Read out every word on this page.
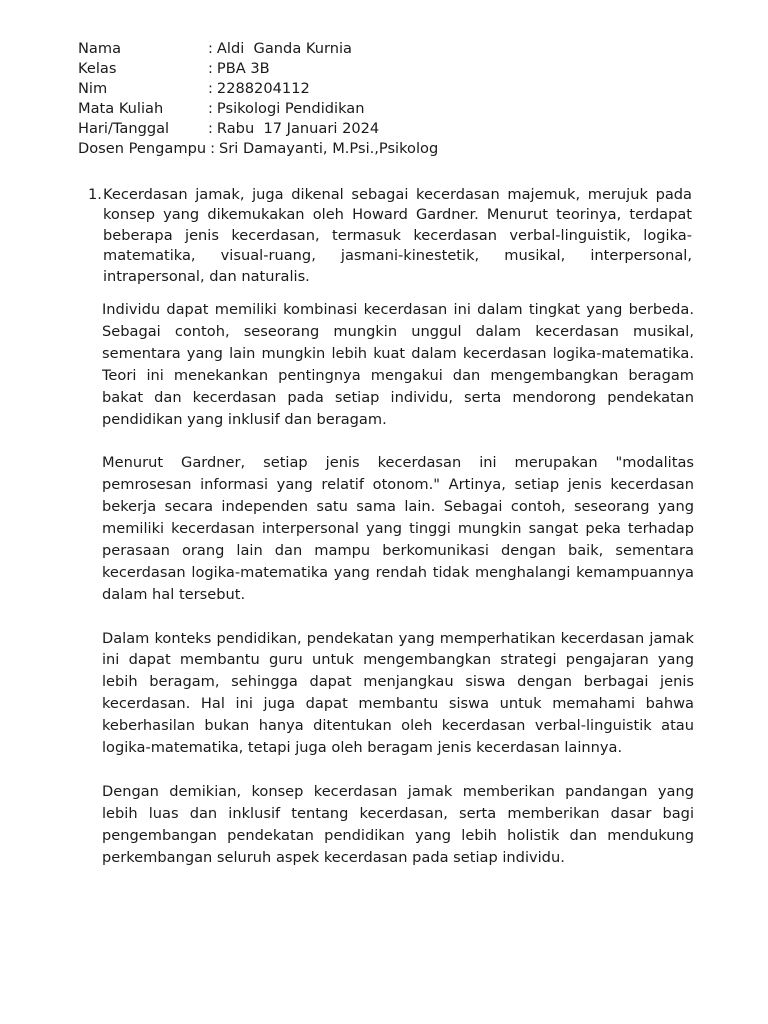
Nama	: Aldi  Ganda Kurnia
Kelas	: PBA 3B
Nim	: 2288204112
Mata Kuliah	: Psikologi Pendidikan
Hari/Tanggal	: Rabu  17 Januari 2024
Dosen Pengampu : Sri Damayanti, M.Psi.,Psikolog
1. Kecerdasan jamak, juga dikenal sebagai kecerdasan majemuk, merujuk pada konsep yang dikemukakan oleh Howard Gardner. Menurut teorinya, terdapat beberapa jenis kecerdasan, termasuk kecerdasan verbal-linguistik, logika-matematika, visual-ruang, jasmani-kinestetik, musikal, interpersonal, intrapersonal, dan naturalis.

Individu dapat memiliki kombinasi kecerdasan ini dalam tingkat yang berbeda. Sebagai contoh, seseorang mungkin unggul dalam kecerdasan musikal, sementara yang lain mungkin lebih kuat dalam kecerdasan logika-matematika. Teori ini menekankan pentingnya mengakui dan mengembangkan beragam bakat dan kecerdasan pada setiap individu, serta mendorong pendekatan pendidikan yang inklusif dan beragam.

Menurut Gardner, setiap jenis kecerdasan ini merupakan "modalitas pemrosesan informasi yang relatif otonom." Artinya, setiap jenis kecerdasan bekerja secara independen satu sama lain. Sebagai contoh, seseorang yang memiliki kecerdasan interpersonal yang tinggi mungkin sangat peka terhadap perasaan orang lain dan mampu berkomunikasi dengan baik, sementara kecerdasan logika-matematika yang rendah tidak menghalangi kemampuannya dalam hal tersebut.

Dalam konteks pendidikan, pendekatan yang memperhatikan kecerdasan jamak ini dapat membantu guru untuk mengembangkan strategi pengajaran yang lebih beragam, sehingga dapat menjangkau siswa dengan berbagai jenis kecerdasan. Hal ini juga dapat membantu siswa untuk memahami bahwa keberhasilan bukan hanya ditentukan oleh kecerdasan verbal-linguistik atau logika-matematika, tetapi juga oleh beragam jenis kecerdasan lainnya.

Dengan demikian, konsep kecerdasan jamak memberikan pandangan yang lebih luas dan inklusif tentang kecerdasan, serta memberikan dasar bagi pengembangan pendekatan pendidikan yang lebih holistik dan mendukung perkembangan seluruh aspek kecerdasan pada setiap individu.
